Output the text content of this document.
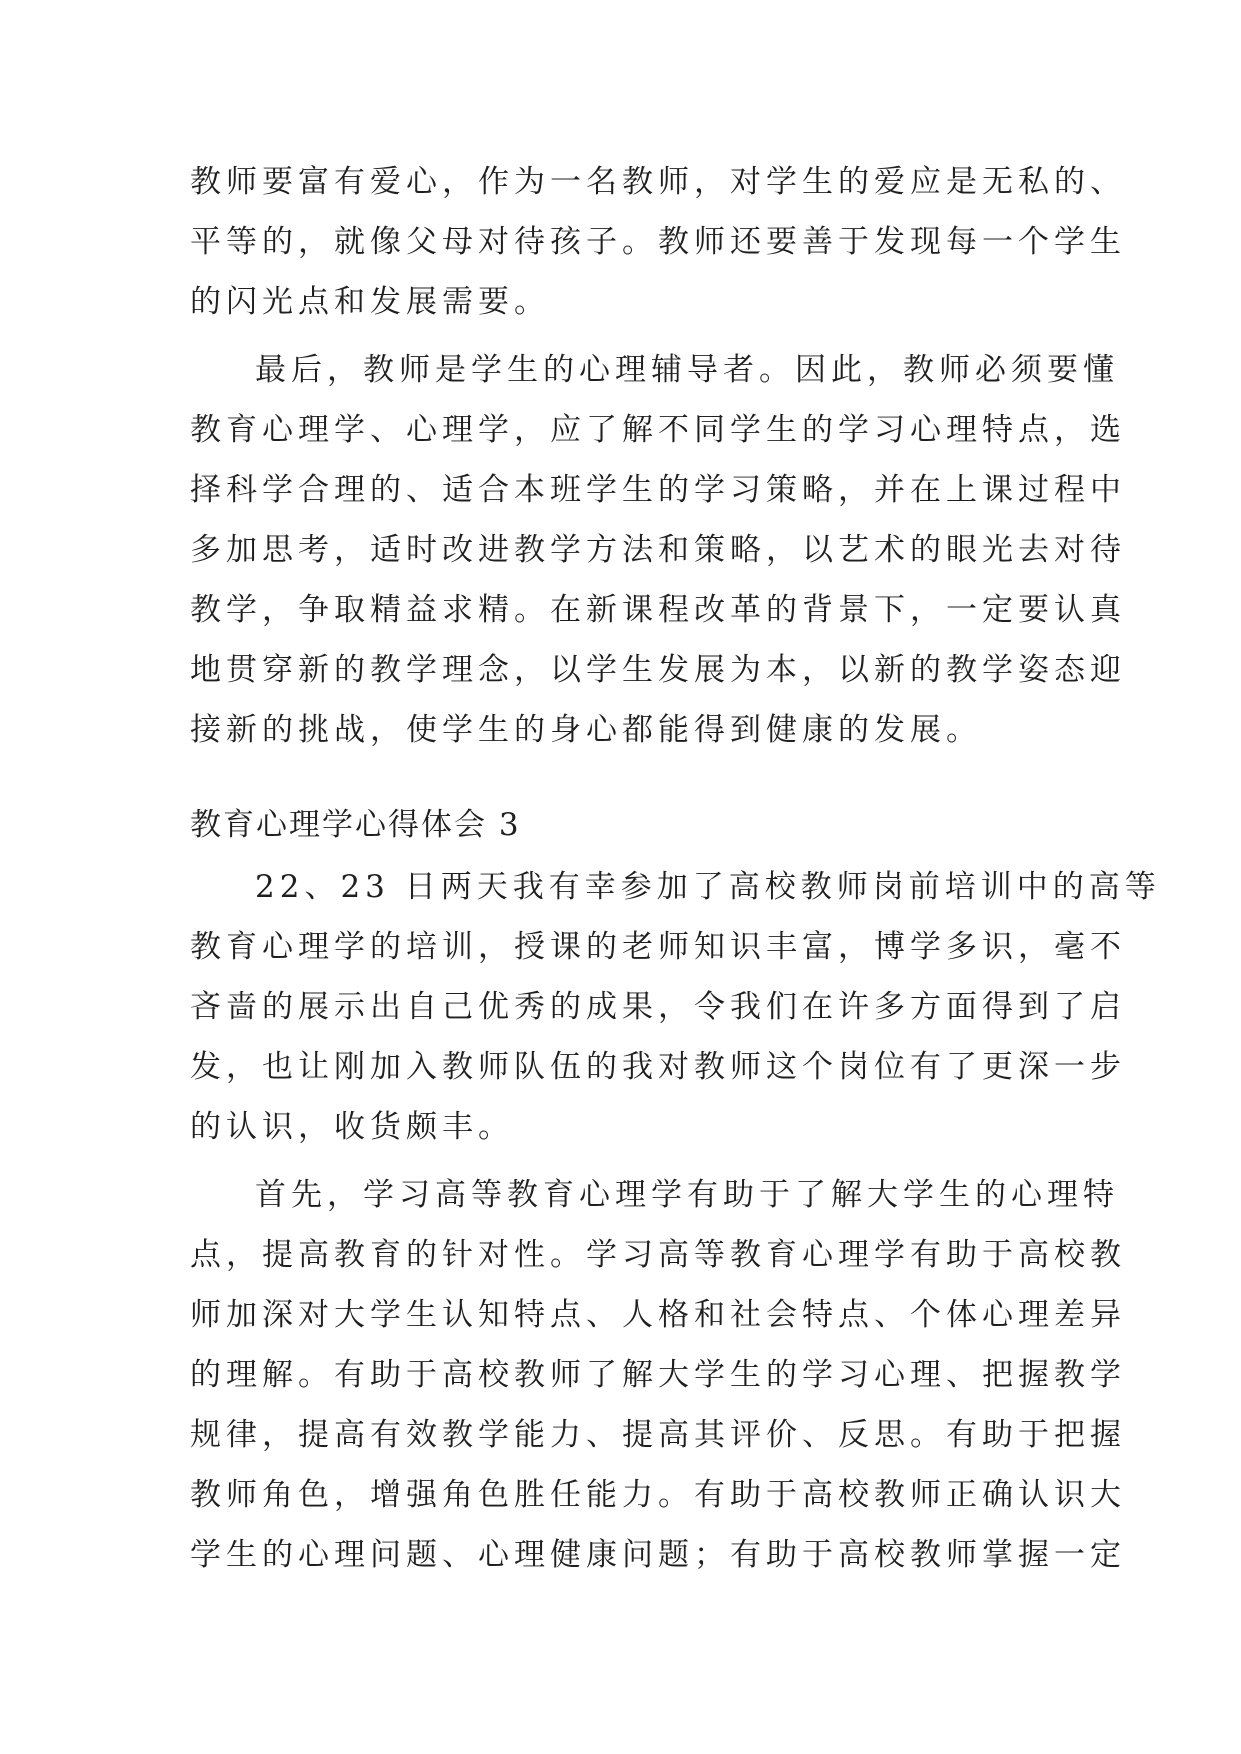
教师要富有爱心，作为一名教师，对学生的爱应是无私的、
平等的，就像父母对待孩子。教师还要善于发现每一个学生
的闪光点和发展需要。
最后，教师是学生的心理辅导者。因此，教师必须要懂
教育心理学、心理学，应了解不同学生的学习心理特点，选
择科学合理的、适合本班学生的学习策略，并在上课过程中
多加思考，适时改进教学方法和策略，以艺术的眼光去对待
教学，争取精益求精。在新课程改革的背景下，一定要认真
地贯穿新的教学理念，以学生发展为本，以新的教学姿态迎
接新的挑战，使学生的身心都能得到健康的发展。
教育心理学心得体会 3
22、23 日两天我有幸参加了高校教师岗前培训中的高等
教育心理学的培训，授课的老师知识丰富，博学多识，毫不
吝啬的展示出自己优秀的成果，令我们在许多方面得到了启
发，也让刚加入教师队伍的我对教师这个岗位有了更深一步
的认识，收货颇丰。
首先，学习高等教育心理学有助于了解大学生的心理特
点，提高教育的针对性。学习高等教育心理学有助于高校教
师加深对大学生认知特点、人格和社会特点、个体心理差异
的理解。有助于高校教师了解大学生的学习心理、把握教学
规律，提高有效教学能力、提高其评价、反思。有助于把握
教师角色，增强角色胜任能力。有助于高校教师正确认识大
学生的心理问题、心理健康问题；有助于高校教师掌握一定
